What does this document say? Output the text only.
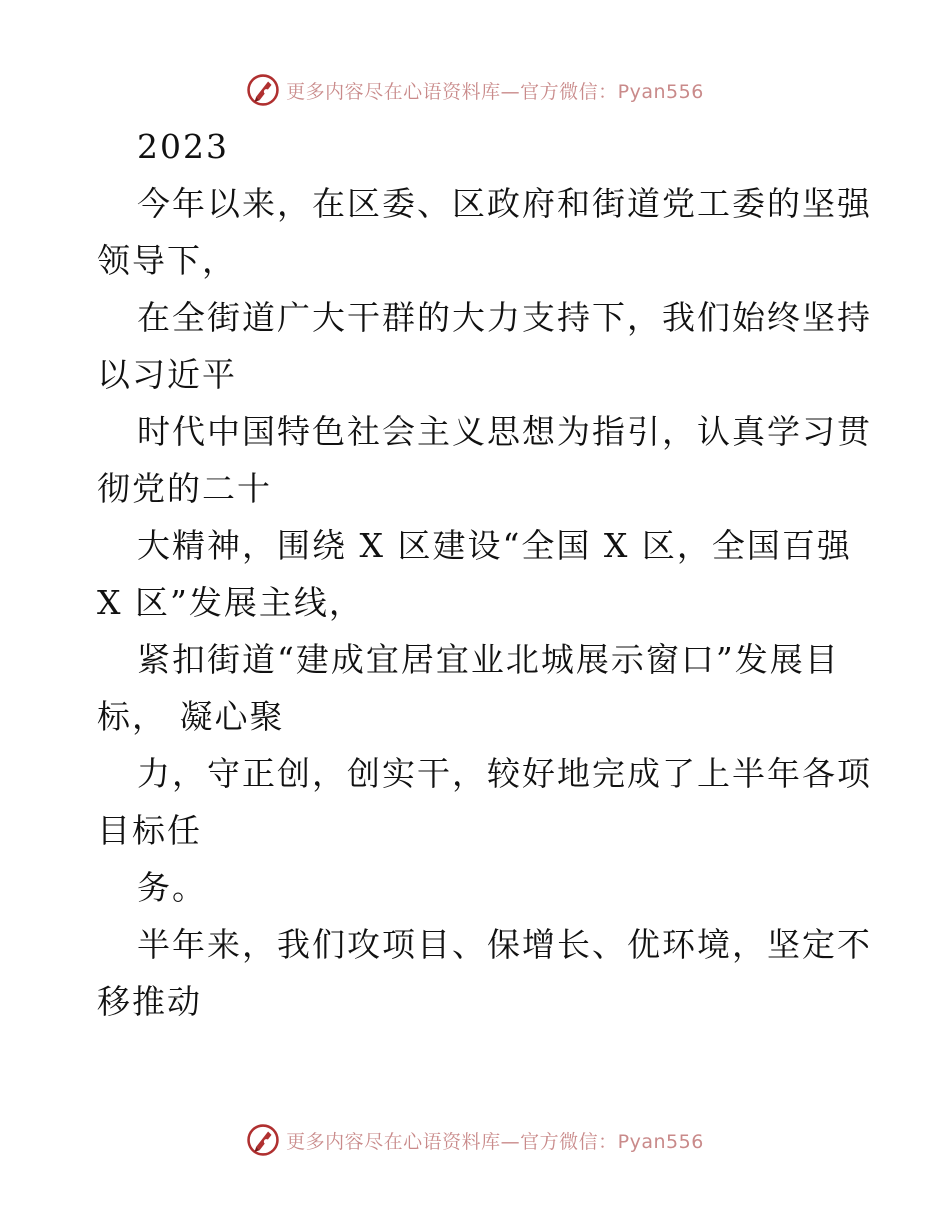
更多内容尽在心语资料库—官方微信：Pyan556
2023
今年以来，在区委、区政府和街道党工委的坚强
领导下，
在全街道广大干群的大力支持下，我们始终坚持
以习近平
时代中国特色社会主义思想为指引，认真学习贯
彻党的二十
大精神，围绕 X 区建设“全国 X 区，全国百强
X 区”发展主线，
紧扣街道“建成宜居宜业北城展示窗口”发展目
标， 凝心聚
力，守正创，创实干，较好地完成了上半年各项
目标任
务。
半年来，我们攻项目、保增长、优环境，坚定不
移推动
更多内容尽在心语资料库—官方微信：Pyan556
